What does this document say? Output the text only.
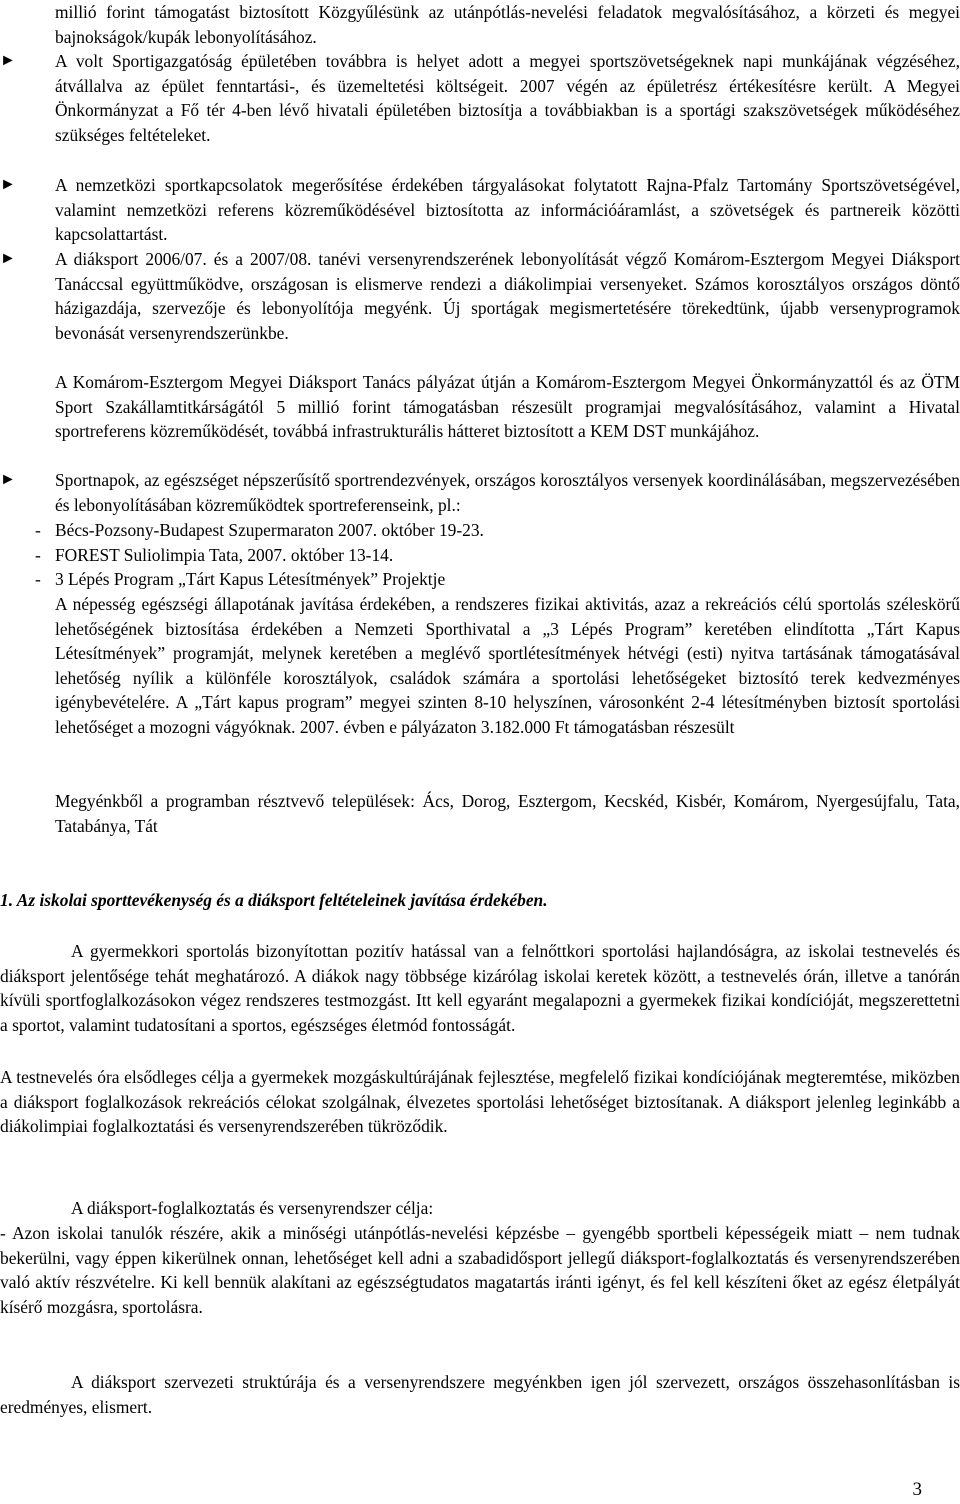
millió forint támogatást biztosított Közgyűlésünk az utánpótlás-nevelési feladatok megvalósításához, a körzeti és megyei bajnokságok/kupák lebonyolításához.

► A volt Sportigazgatóság épületében továbbra is helyet adott a megyei sportszövetségeknek napi munkájának végzéséhez, átvállalva az épület fenntartási-, és üzemeltetési költségeit. 2007 végén az épületrész értékesítésre került. A Megyei Önkormányzat a Fő tér 4-ben lévő hivatali épületében biztosítja a továbbiakban is a sportági szakszövetségek működéséhez szükséges feltételeket.

► A nemzetközi sportkapcsolatok megerősítése érdekében tárgyalásokat folytatott Rajna-Pfalz Tartomány Sportszövetségével, valamint nemzetközi referens közreműködésével biztosította az információáramlást, a szövetségek és partnereik közötti kapcsolattartást.

► A diáksport 2006/07. és a 2007/08. tanévi versenyrendszerének lebonyolítását végző Komárom-Esztergom Megyei Diáksport Tanáccsal együttműködve, országosan is elismerve rendezi a diákolimpiai versenyeket. Számos korosztályos országos döntő házigazdája, szervezője és lebonyolítója megyénk. Új sportágak megismertetésére törekedtünk, újabb versenyprogramok bevonását versenyrendszerünkbe.

A Komárom-Esztergom Megyei Diáksport Tanács pályázat útján a Komárom-Esztergom Megyei Önkormányzattól és az ÖTM Sport Szakállamtitkárságától 5 millió forint támogatásban részesült programjai megvalósításához, valamint a Hivatal sportreferens közreműködését, továbbá infrastrukturális hátteret biztosított a KEM DST munkájához.

► Sportnapok, az egészséget népszerűsítő sportrendezvények, országos korosztályos versenyek koordinálásában, megszervezésében és lebonyolításában közreműködtek sportreferenseink, pl.:

- Bécs-Pozsony-Budapest Szupermaraton 2007. október 19-23.

- FOREST Suliolimpia Tata, 2007. október 13-14.

- 3 Lépés Program „Tárt Kapus Létesítmények” Projektje

A népesség egészségi állapotának javítása érdekében, a rendszeres fizikai aktivitás, azaz a rekreációs célú sportolás széleskörű lehetőségének biztosítása érdekében a Nemzeti Sporthivatal a „3 Lépés Program” keretében elindította „Tárt Kapus Létesítmények” programját, melynek keretében a meglévő sportlétesítmények hétvégi (esti) nyitva tartásának támogatásával lehetőség nyílik a különféle korosztályok, családok számára a sportolási lehetőségeket biztosító terek kedvezményes igénybevételére. A „Tárt kapus program” megyei szinten 8-10 helyszínen, városonként 2-4 létesítményben biztosít sportolási lehetőséget a mozogni vágyóknak. 2007. évben e pályázaton 3.182.000 Ft támogatásban részesült

Megyénkből a programban résztvevő települések: Ács, Dorog, Esztergom, Kecskéd, Kisbér, Komárom, Nyergesújfalu, Tata, Tatabánya, Tát

1. Az iskolai sporttevékenység és a diáksport feltételeinek javítása érdekében.

A gyermekkori sportolás bizonyítottan pozitív hatással van a felnőttkori sportolási hajlandóságra, az iskolai testnevelés és diáksport jelentősége tehát meghatározó. A diákok nagy többsége kizárólag iskolai keretek között, a testnevelés órán, illetve a tanórán kívüli sportfoglalkozásokon végez rendszeres testmozgást. Itt kell egyaránt megalapozni a gyermekek fizikai kondícióját, megszerettetni a sportot, valamint tudatosítani a sportos, egészséges életmód fontosságát.

A testnevelés óra elsődleges célja a gyermekek mozgáskultúrájának fejlesztése, megfelelő fizikai kondíciójának megteremtése, miközben a diáksport foglalkozások rekreációs célokat szolgálnak, élvezetes sportolási lehetőséget biztosítanak. A diáksport jelenleg leginkább a diákolimpiai foglalkoztatási és versenyrendszerében tükröződik.

A diáksport-foglalkoztatás és versenyrendszer célja:

- Azon iskolai tanulók részére, akik a minőségi utánpótlás-nevelési képzésbe – gyengébb sportbeli képességeik miatt – nem tudnak bekerülni, vagy éppen kikerülnek onnan, lehetőséget kell adni a szabadidősport jellegű diáksport-foglalkoztatás és versenyrendszerében való aktív részvételre. Ki kell bennük alakítani az egészségtudatos magatartás iránti igényt, és fel kell készíteni őket az egész életpályát kísérő mozgásra, sportolásra.

A diáksport szervezeti struktúrája és a versenyrendszere megyénkben igen jól szervezett, országos összehasonlításban is eredményes, elismert.

3
